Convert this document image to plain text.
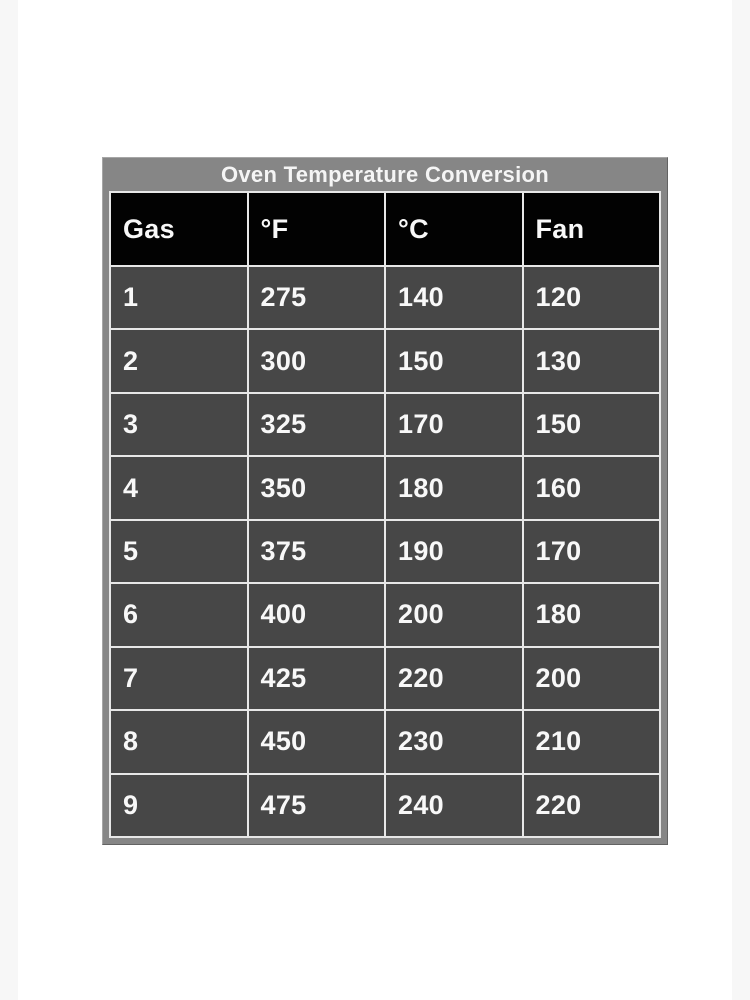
Oven Temperature Conversion
Gas	°F	°C	Fan
1	275	140	120
2	300	150	130
3	325	170	150
4	350	180	160
5	375	190	170
6	400	200	180
7	425	220	200
8	450	230	210
9	475	240	220
